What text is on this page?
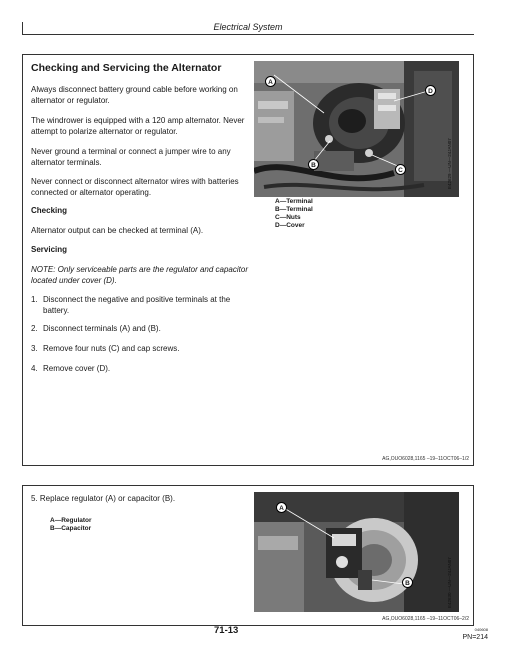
Electrical System
Checking and Servicing the Alternator
Always disconnect battery ground cable before working on alternator or regulator.
The windrower is equipped with a 120 amp alternator. Never attempt to polarize alternator or regulator.
Never ground a terminal or connect a jumper wire to any alternator terminals.
Never connect or disconnect alternator wires with batteries connected or alternator operating.
Checking
Alternator output can be checked at terminal (A).
Servicing
NOTE: Only serviceable parts are the regulator and capacitor located under cover (D).
1. Disconnect the negative and positive terminals at the
battery.
2. Disconnect terminals (A) and (B).
3. Remove four nuts (C) and cap screws.
4. Remove cover (D).
A
B
C
D
E42629 —UN—24JAN07
A—Terminal
B—Terminal
C—Nuts
D—Cover
AG,OUO6028,1165 –19–11OCT06–1/2
5. Replace regulator (A) or capacitor (B).
A—Regulator
B—Capacitor
A
B	E42630 —UN—24JAN07
AG,OUO6028,1165 –19–11OCT06–2/2
71-13	040608
PN=214
